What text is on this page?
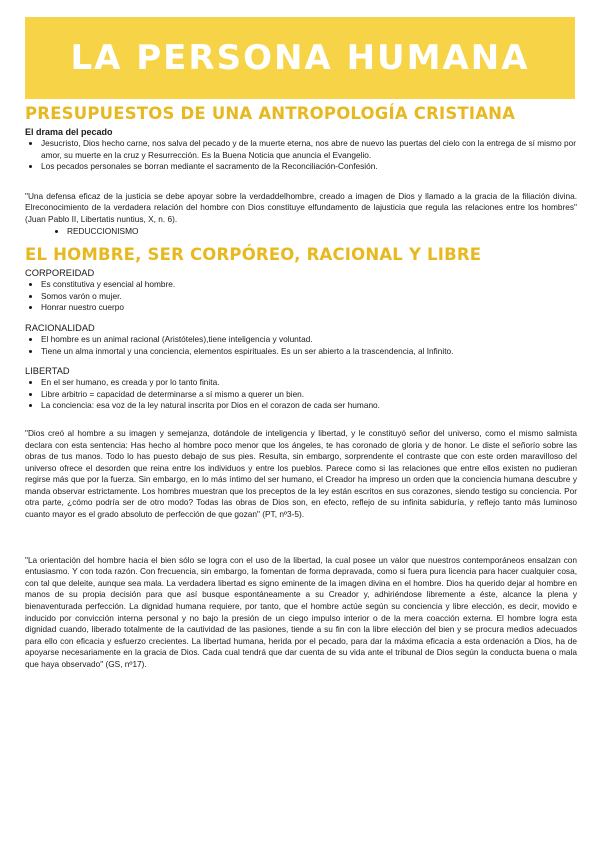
LA PERSONA HUMANA
PRESUPUESTOS DE UNA ANTROPOLOGÍA CRISTIANA
El drama del pecado
• Jesucristo, Dios hecho carne, nos salva del pecado y de la muerte eterna, nos abre de nuevo las puertas del cielo con la entrega de sí mismo por amor, su muerte en la cruz y Resurrección. Es la Buena Noticia que anuncia el Evangelio.
• Los pecados personales se borran mediante el sacramento de la Reconciliación-Confesión.

"Una defensa eficaz de la justicia se debe apoyar sobre la verdaddelhombre, creado a imagen de Dios y llamado a la gracia de la filiación divina. Elreconocimiento de la verdadera relación del hombre con Dios constituye elfundamento de lajusticia que regula las relaciones entre los hombres" (Juan Pablo II, Libertatis nuntius, X, n. 6).

• REDUCCIONISMO
EL HOMBRE, SER CORPÓREO, RACIONAL Y LIBRE
CORPOREIDAD
• Es constitutiva y esencial al hombre.
• Somos varón o mujer.
• Honrar nuestro cuerpo
RACIONALIDAD
• El hombre es un animal racional (Aristóteles),tiene inteligencia y voluntad.
• Tiene un alma inmortal y una conciencia, elementos espirituales. Es un ser abierto a la trascendencia, al Infinito.
LIBERTAD
• En el ser humano, es creada y por lo tanto finita.
• Libre arbitrio = capacidad de determinarse a sí mismo a querer un bien.
• La conciencia: esa voz de la ley natural inscrita por Dios en el corazon de cada ser humano.

"Dios creó al hombre a su imagen y semejanza, dotándole de inteligencia y libertad, y le constituyó señor del universo, como el mismo salmista declara con esta sentencia: Has hecho al hombre poco menor que los ángeles, te has coronado de gloria y de honor. Le diste el señorío sobre las obras de tus manos. Todo lo has puesto debajo de sus pies. Resulta, sin embargo, sorprendente el contraste que con este orden maravilloso del universo ofrece el desorden que reina entre los individuos y entre los pueblos. Parece como si las relaciones que entre ellos existen no pudieran regirse más que por la fuerza. Sin embargo, en lo más íntimo del ser humano, el Creador ha impreso un orden que la conciencia humana descubre y manda observar estrictamente. Los hombres muestran que los preceptos de la ley están escritos en sus corazones, siendo testigo su conciencia. Por otra parte, ¿cómo podría ser de otro modo? Todas las obras de Dios son, en efecto, reflejo de su infinita sabiduría, y reflejo tanto más luminoso cuanto mayor es el grado absoluto de perfección de que gozan" (PT, nº3-5).

"La orientación del hombre hacia el bien sólo se logra con el uso de la libertad, la cual posee un valor que nuestros contemporáneos ensalzan con entusiasmo. Y con toda razón. Con frecuencia, sin embargo, la fomentan de forma depravada, como si fuera pura licencia para hacer cualquier cosa, con tal que deleite, aunque sea mala. La verdadera libertad es signo eminente de la imagen divina en el hombre. Dios ha querido dejar al hombre en manos de su propia decisión para que así busque espontáneamente a su Creador y, adhiriéndose libremente a éste, alcance la plena y bienaventurada perfección. La dignidad humana requiere, por tanto, que el hombre actúe según su conciencia y libre elección, es decir, movido e inducido por convicción interna personal y no bajo la presión de un ciego impulso interior o de la mera coacción externa. El hombre logra esta dignidad cuando, liberado totalmente de la cautividad de las pasiones, tiende a su fin con la libre elección del bien y se procura medios adecuados para ello con eficacia y esfuerzo crecientes. La libertad humana, herida por el pecado, para dar la máxima eficacia a esta ordenación a Dios, ha de apoyarse necesariamente en la gracia de Dios. Cada cual tendrá que dar cuenta de su vida ante el tribunal de Dios según la conducta buena o mala que haya observado" (GS, nº17).
